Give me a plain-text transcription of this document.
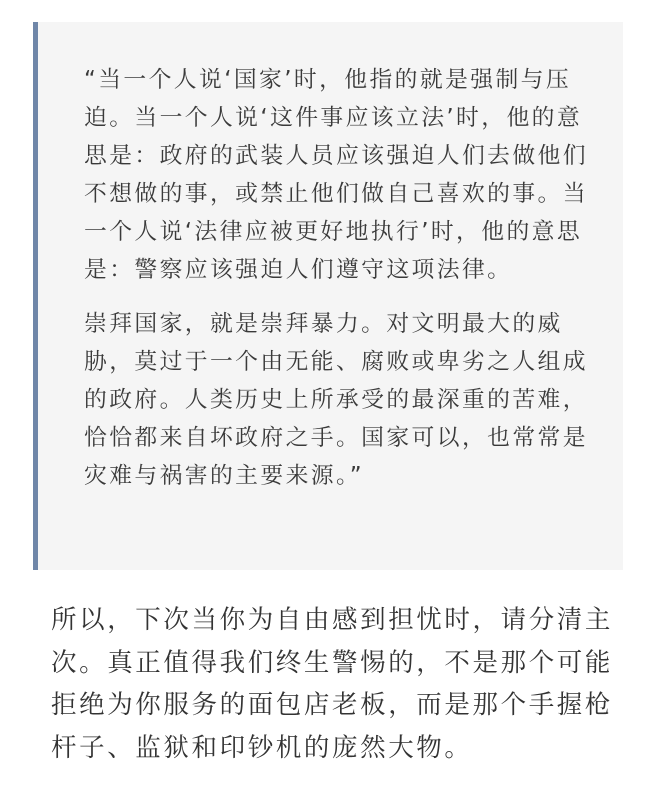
“当一个人说‘国家’时，他指的就是强制与压
迫。当一个人说‘这件事应该立法’时，他的意
思是：政府的武装人员应该强迫人们去做他们
不想做的事，或禁止他们做自己喜欢的事。当
一个人说‘法律应被更好地执行’时，他的意思
是：警察应该强迫人们遵守这项法律。

崇拜国家，就是崇拜暴力。对文明最大的威
胁，莫过于一个由无能、腐败或卑劣之人组成
的政府。人类历史上所承受的最深重的苦难，
恰恰都来自坏政府之手。国家可以，也常常是
灾难与祸害的主要来源。”

所以，下次当你为自由感到担忧时，请分清主
次。真正值得我们终生警惕的，不是那个可能
拒绝为你服务的面包店老板，而是那个手握枪
杆子、监狱和印钞机的庞然大物。
